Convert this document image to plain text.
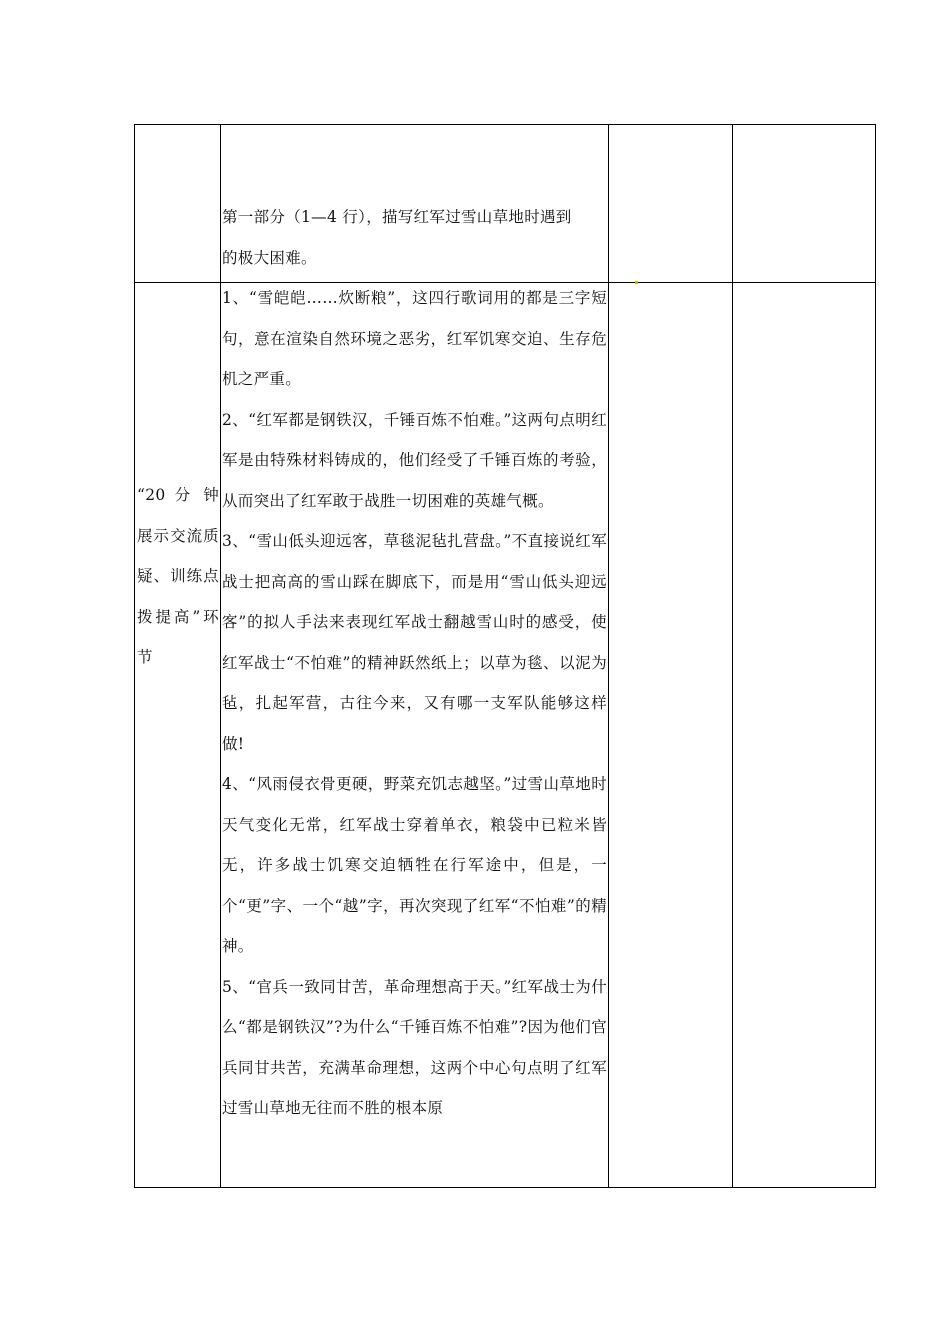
第一部分（1—4 行），描写红军过雪山草地时遇到

的极大困难。

“20 分 钟展示交流质疑、训练点拨提高”环节

1、“雪皑皑……炊断粮”，这四行歌词用的都是三字短句，意在渲染自然环境之恶劣，红军饥寒交迫、生存危机之严重。

2、“红军都是钢铁汉，千锤百炼不怕难。”这两句点明红军是由特殊材料铸成的，他们经受了千锤百炼的考验，从而突出了红军敢于战胜一切困难的英雄气概。

3、“雪山低头迎远客，草毯泥毡扎营盘。”不直接说红军战士把高高的雪山踩在脚底下，而是用“雪山低头迎远客”的拟人手法来表现红军战士翻越雪山时的感受，使红军战士“不怕难”的精神跃然纸上；以草为毯、以泥为毡，扎起军营，古往今来，又有哪一支军队能够这样做!

4、“风雨侵衣骨更硬，野菜充饥志越坚。”过雪山草地时天气变化无常，红军战士穿着单衣，粮袋中已粒米皆无，许多战士饥寒交迫牺牲在行军途中，但是，一个“更”字、一个“越”字，再次突现了红军“不怕难”的精神。

5、“官兵一致同甘苦，革命理想高于天。”红军战士为什么“都是钢铁汉”?为什么“千锤百炼不怕难”?因为他们官兵同甘共苦，充满革命理想，这两个中心句点明了红军过雪山草地无往而不胜的根本原
